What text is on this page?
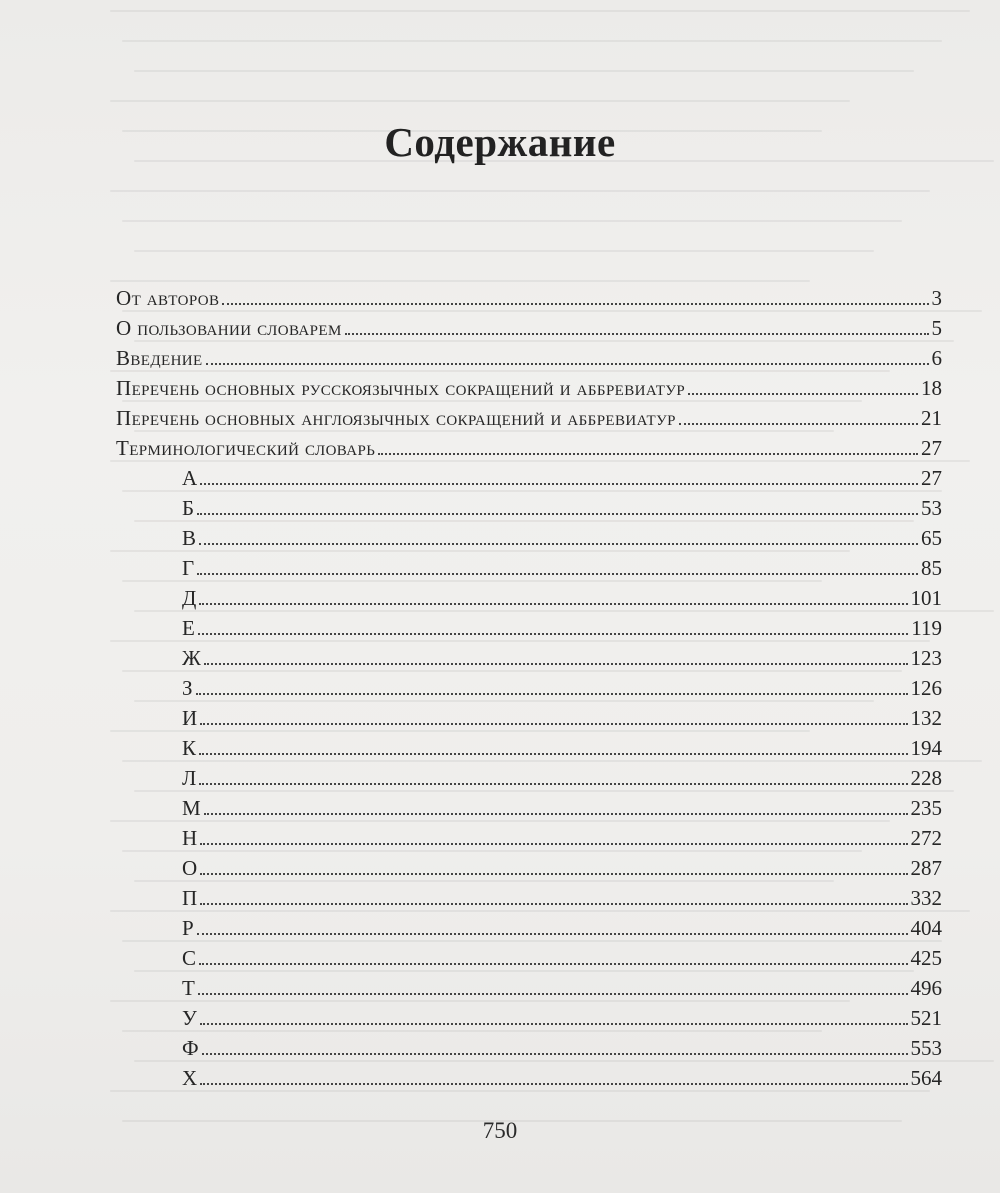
Содержание
От авторов	3
О пользовании словарем	5
Введение	6
Перечень основных русскоязычных сокращений и аббревиатур	18
Перечень основных англоязычных сокращений и аббревиатур	21
Терминологический словарь	27
А	27
Б	53
В	65
Г	85
Д	101
Е	119
Ж	123
З	126
И	132
К	194
Л	228
М	235
Н	272
О	287
П	332
Р	404
С	425
Т	496
У	521
Ф	553
Х	564
750
